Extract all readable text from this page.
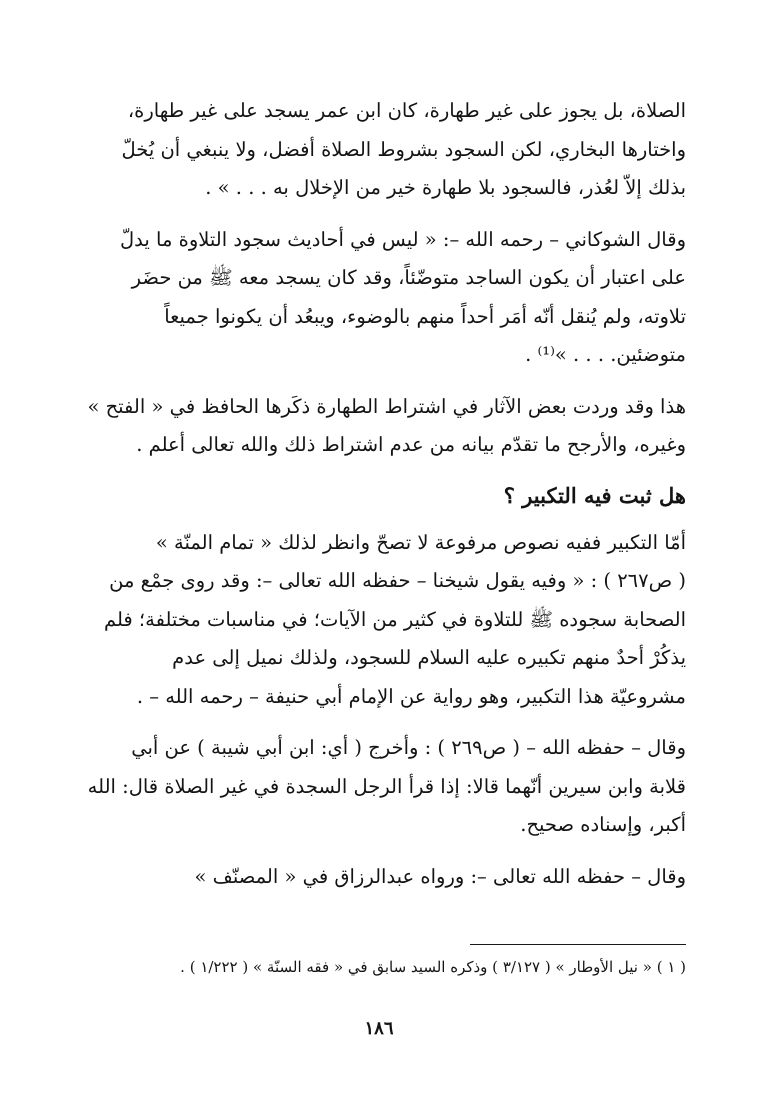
الصلاة، بل يجوز على غير طهارة، كان ابن عمر يسجد على غير طهارة،
واختارها البخاري، لكن السجود بشروط الصلاة أفضل، ولا ينبغي أن يُخلّ
بذلك إلاّ لعُذر، فالسجود بلا طهارة خير من الإخلال به . . . » .

وقال الشوكاني – رحمه الله –: « ليس في أحاديث سجود التلاوة ما يدلّ
على اعتبار أن يكون الساجد متوضّئاً، وقد كان يسجد معه ﷺ من حضَر
تلاوته، ولم يُنقل أنّه أمَر أحداً منهم بالوضوء، ويبعُد أن يكونوا جميعاً
متوضئين. . . . »⁽¹⁾ .

هذا وقد وردت بعض الآثار في اشتراط الطهارة ذكَرها الحافظ في « الفتح »
وغيره، والأرجح ما تقدّم بيانه من عدم اشتراط ذلك والله تعالى أعلم .

هل ثبت فيه التكبير ؟

أمّا التكبير ففيه نصوص مرفوعة لا تصحّ وانظر لذلك « تمام المنّة »
( ص٢٦٧ ) : « وفيه يقول شيخنا – حفظه الله تعالى –: وقد روى جمْع من
الصحابة سجوده ﷺ للتلاوة في كثير من الآيات؛ في مناسبات مختلفة؛ فلم
يذكُرْ أحدٌ منهم تكبيره عليه السلام للسجود، ولذلك نميل إلى عدم
مشروعيّة هذا التكبير، وهو رواية عن الإمام أبي حنيفة – رحمه الله – .

وقال – حفظه الله – ( ص٢٦٩ ) : وأخرج ( أي: ابن أبي شيبة ) عن أبي
قلابة وابن سيرين أنّهما قالا: إذا قرأ الرجل السجدة في غير الصلاة قال: الله
أكبر، وإسناده صحيح.

وقال – حفظه الله تعالى –: ورواه عبدالرزاق في « المصنّف »

( ١ ) « نيل الأوطار » ( ٣/١٢٧ ) وذكره السيد سابق في « فقه السنّة » ( ١/٢٢٢ ) .
١٨٦
